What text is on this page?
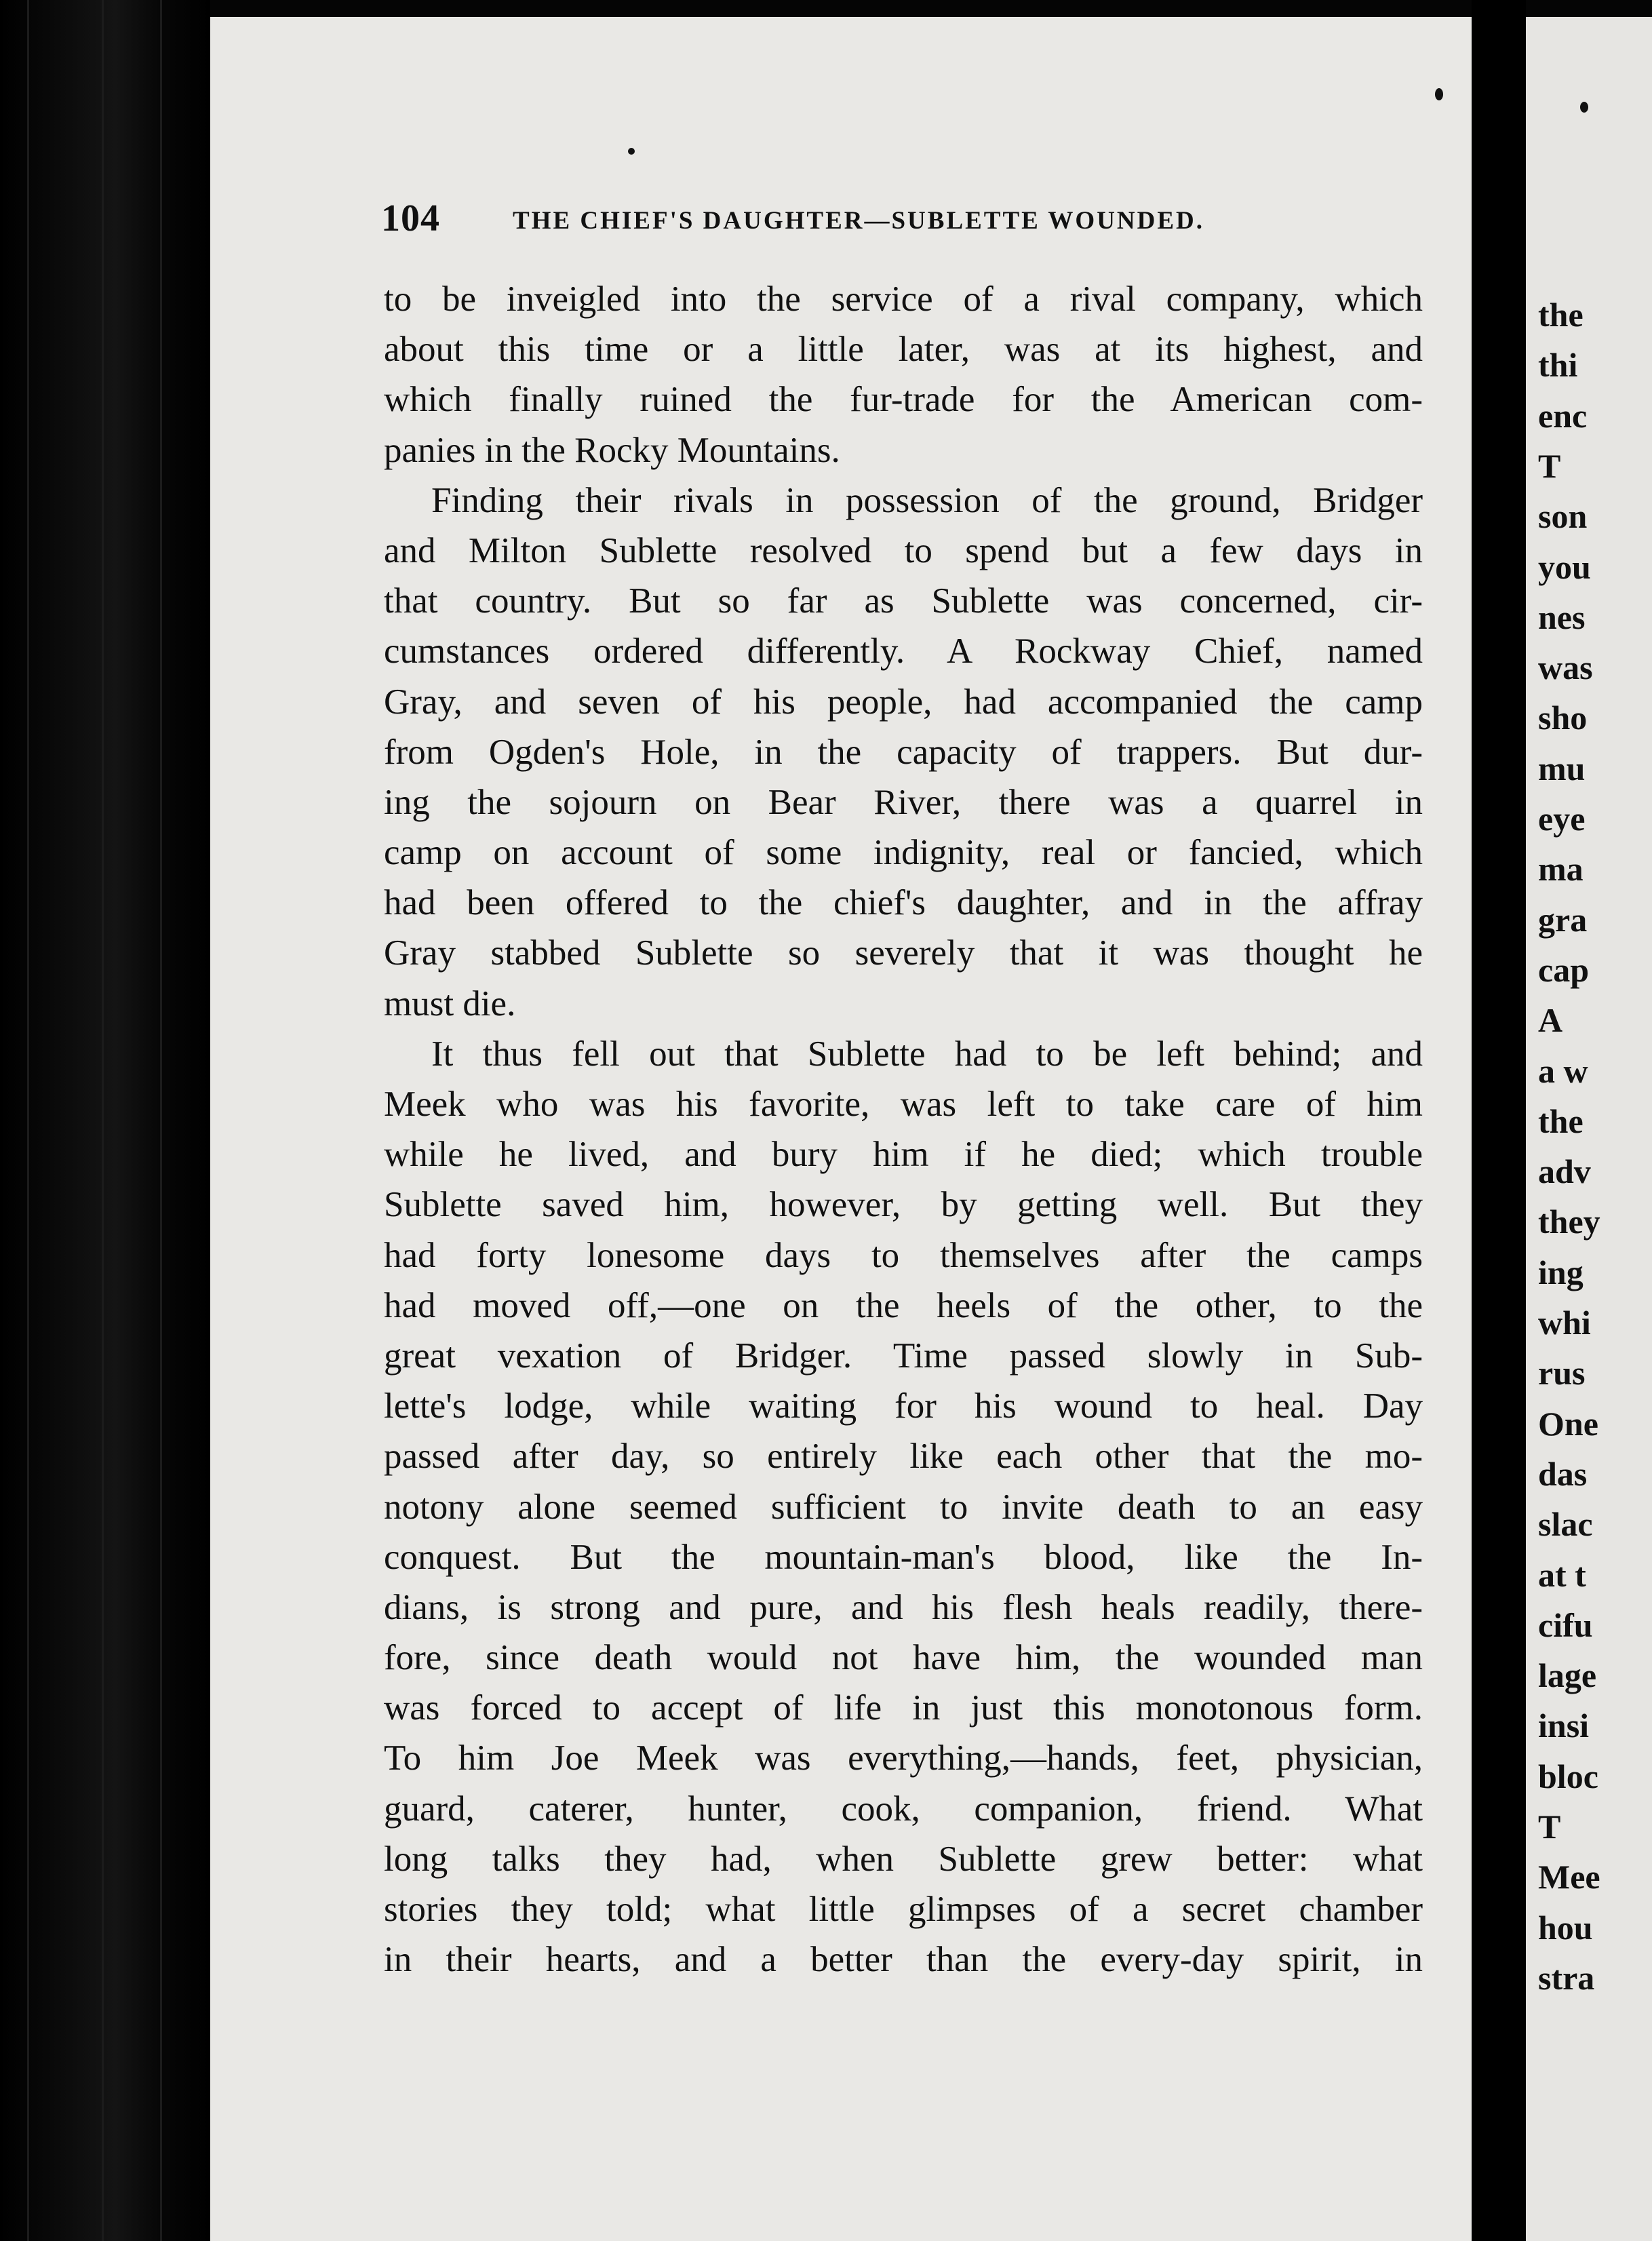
the
thi
enc
T
son
you
nes
was
sho
mu
eye
ma
gra
cap
A
a w
the
adv
they
ing
whi
rus
One
das
slac
at t
cifu
lage
insi
bloc
T
Mee
hou
stra
104	THE CHIEF'S DAUGHTER—SUBLETTE WOUNDED.
to be inveigled into the service of a rival company, which
about this time or a little later, was at its highest, and
which finally ruined the fur-trade for the American com-
panies in the Rocky Mountains.
Finding their rivals in possession of the ground, Bridger
and Milton Sublette resolved to spend but a few days in
that country. But so far as Sublette was concerned, cir-
cumstances ordered differently. A Rockway Chief, named
Gray, and seven of his people, had accompanied the camp
from Ogden's Hole, in the capacity of trappers. But dur-
ing the sojourn on Bear River, there was a quarrel in
camp on account of some indignity, real or fancied, which
had been offered to the chief's daughter, and in the affray
Gray stabbed Sublette so severely that it was thought he
must die.
It thus fell out that Sublette had to be left behind; and
Meek who was his favorite, was left to take care of him
while he lived, and bury him if he died; which trouble
Sublette saved him, however, by getting well. But they
had forty lonesome days to themselves after the camps
had moved off,—one on the heels of the other, to the
great vexation of Bridger. Time passed slowly in Sub-
lette's lodge, while waiting for his wound to heal. Day
passed after day, so entirely like each other that the mo-
notony alone seemed sufficient to invite death to an easy
conquest. But the mountain-man's blood, like the In-
dians, is strong and pure, and his flesh heals readily, there-
fore, since death would not have him, the wounded man
was forced to accept of life in just this monotonous form.
To him Joe Meek was everything,—hands, feet, physician,
guard, caterer, hunter, cook, companion, friend. What
long talks they had, when Sublette grew better: what
stories they told; what little glimpses of a secret chamber
in their hearts, and a better than the every-day spirit, in
